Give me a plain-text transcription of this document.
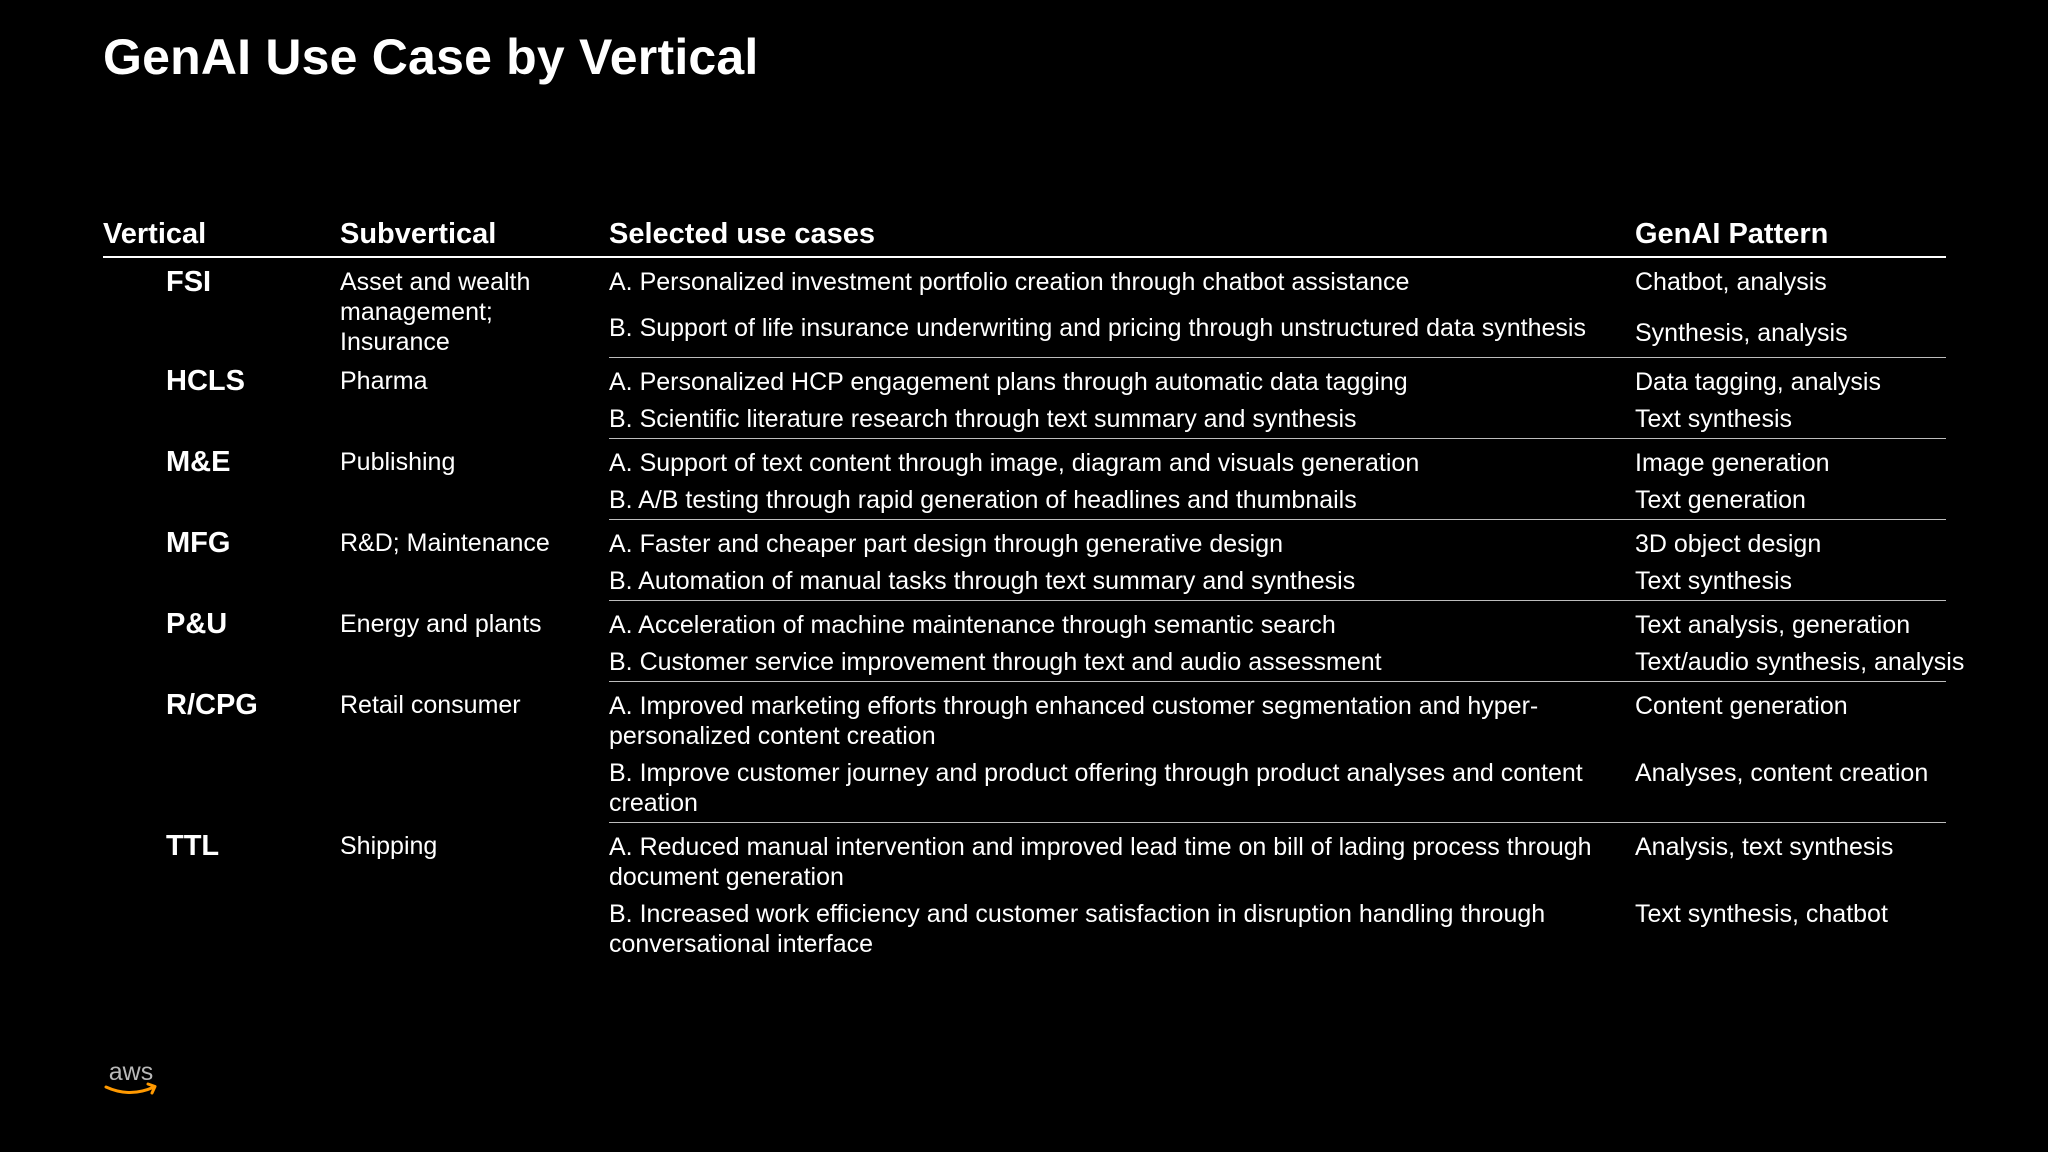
GenAI Use Case by Vertical
Vertical	Subvertical	Selected use cases	GenAI Pattern
FSI	Asset and wealth management; Insurance	A. Personalized investment portfolio creation through chatbot assistance	Chatbot, analysis
		B. Support of life insurance underwriting and pricing through unstructured data synthesis	Synthesis, analysis
HCLS	Pharma	A. Personalized HCP engagement plans through automatic data tagging	Data tagging, analysis
		B. Scientific literature research through text summary and synthesis	Text synthesis
M&E	Publishing	A. Support of text content through image, diagram and visuals generation	Image generation
		B. A/B testing through rapid generation of headlines and thumbnails	Text generation
MFG	R&D; Maintenance	A. Faster and cheaper part design through generative design	3D object design
		B. Automation of manual tasks through text summary and synthesis	Text synthesis
P&U	Energy and plants	A. Acceleration of machine maintenance through semantic search	Text analysis, generation
		B. Customer service improvement through text and audio assessment	Text/audio synthesis, analysis
R/CPG	Retail consumer	A. Improved marketing efforts through enhanced customer segmentation and hyper-personalized content creation	Content generation
		B. Improve customer journey and product offering through product analyses and content creation	Analyses, content creation
TTL	Shipping	A. Reduced manual intervention and improved lead time on bill of lading process through document generation	Analysis, text synthesis
		B. Increased work efficiency and customer satisfaction in disruption handling through conversational interface	Text synthesis, chatbot
aws
